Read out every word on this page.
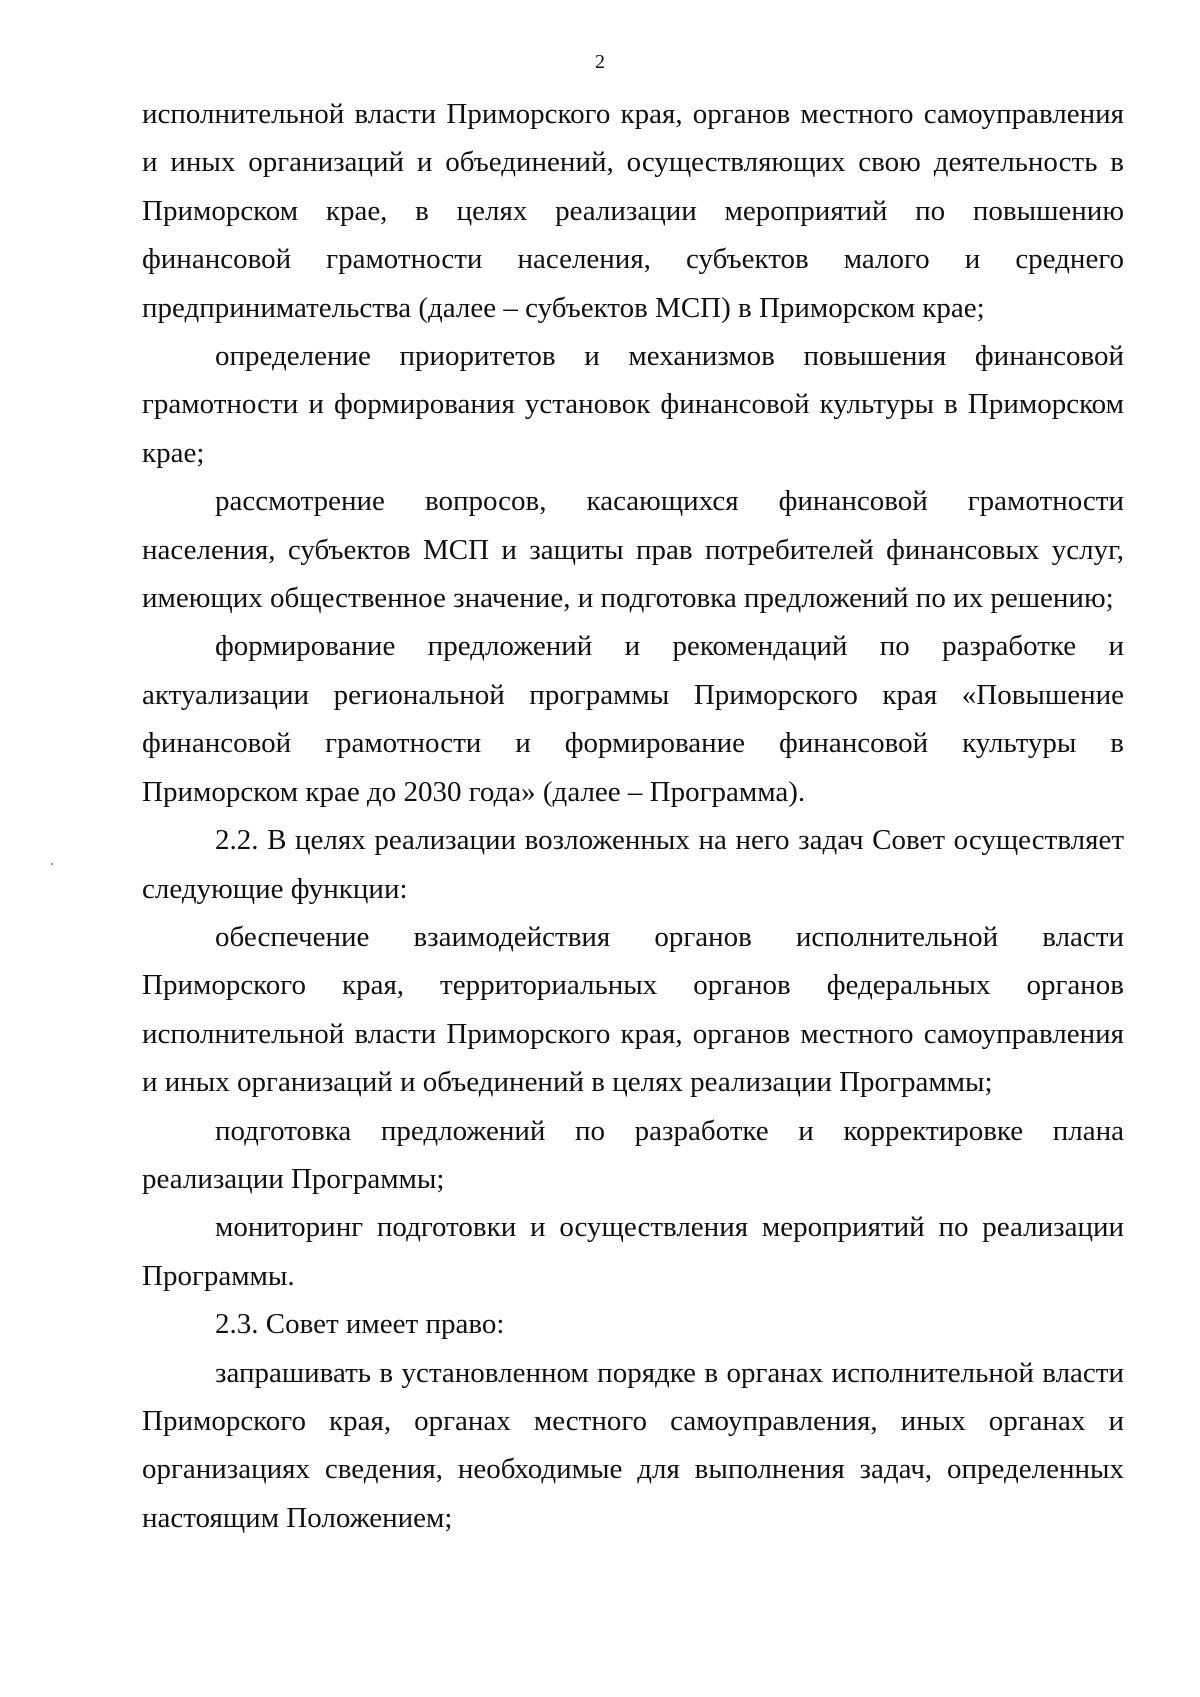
2

исполнительной власти Приморского края, органов местного самоуправления и иных организаций и объединений, осуществляющих свою деятельность в Приморском крае, в целях реализации мероприятий по повышению финансовой грамотности населения, субъектов малого и среднего предпринимательства (далее – субъектов МСП) в Приморском крае;

определение приоритетов и механизмов повышения финансовой грамотности и формирования установок финансовой культуры в Приморском крае;

рассмотрение вопросов, касающихся финансовой грамотности населения, субъектов МСП и защиты прав потребителей финансовых услуг, имеющих общественное значение, и подготовка предложений по их решению;

формирование предложений и рекомендаций по разработке и актуализации региональной программы Приморского края «Повышение финансовой грамотности и формирование финансовой культуры в Приморском крае до 2030 года» (далее – Программа).

2.2. В целях реализации возложенных на него задач Совет осуществляет следующие функции:

обеспечение взаимодействия органов исполнительной власти Приморского края, территориальных органов федеральных органов исполнительной власти Приморского края, органов местного самоуправления и иных организаций и объединений в целях реализации Программы;

подготовка предложений по разработке и корректировке плана реализации Программы;

мониторинг подготовки и осуществления мероприятий по реализации Программы.

2.3. Совет имеет право:

запрашивать в установленном порядке в органах исполнительной власти Приморского края, органах местного самоуправления, иных органах и организациях сведения, необходимые для выполнения задач, определенных настоящим Положением;
